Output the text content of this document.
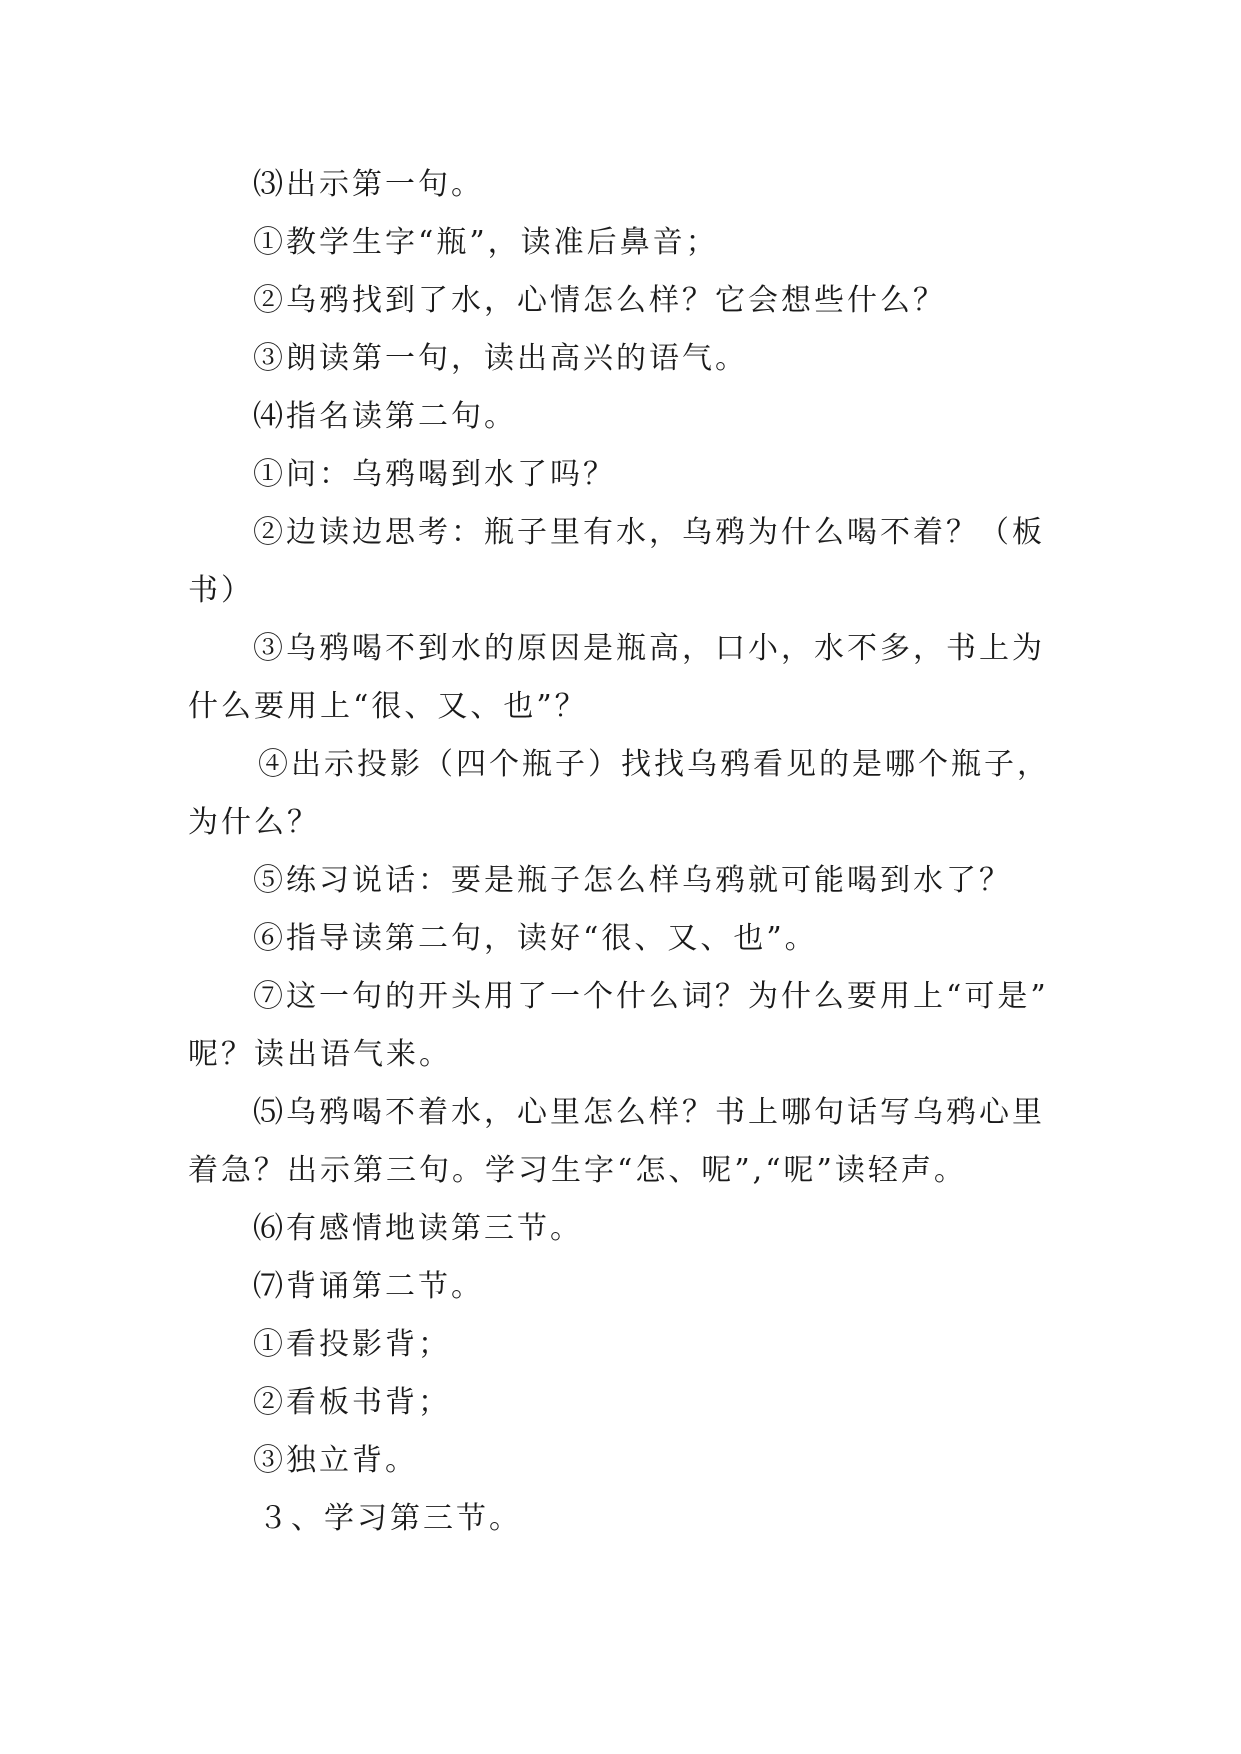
⑶出示第一句。
①教学生字“瓶”，读准后鼻音；
②乌鸦找到了水，心情怎么样？它会想些什么？
③朗读第一句，读出高兴的语气。
⑷指名读第二句。
①问：乌鸦喝到水了吗？
②边读边思考：瓶子里有水，乌鸦为什么喝不着？（板
书）
③乌鸦喝不到水的原因是瓶高，口小，水不多，书上为
什么要用上“很、又、也”？
④出示投影（四个瓶子）找找乌鸦看见的是哪个瓶子，
为什么？
⑤练习说话：要是瓶子怎么样乌鸦就可能喝到水了？
⑥指导读第二句，读好“很、又、也”。
⑦这一句的开头用了一个什么词？为什么要用上“可是”
呢？读出语气来。
⑸乌鸦喝不着水，心里怎么样？书上哪句话写乌鸦心里
着急？出示第三句。学习生字“怎、呢”,“呢”读轻声。
⑹有感情地读第三节。
⑺背诵第二节。
①看投影背；
②看板书背；
③独立背。
３、学习第三节。
